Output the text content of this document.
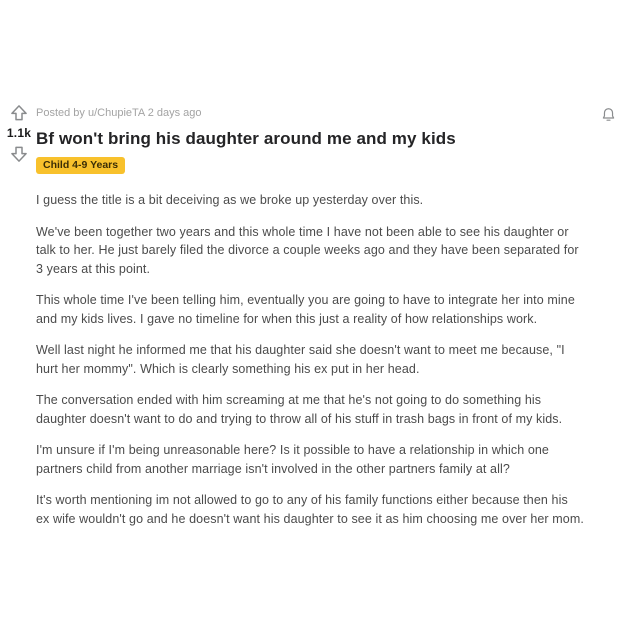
1.1k
Posted by u/ChupieTA 2 days ago
Bf won't bring his daughter around me and my kids
Child 4-9 Years

I guess the title is a bit deceiving as we broke up yesterday over this.

We've been together two years and this whole time I have not been able to see his daughter or talk to her. He just barely filed the divorce a couple weeks ago and they have been separated for 3 years at this point.

This whole time I've been telling him, eventually you are going to have to integrate her into mine and my kids lives. I gave no timeline for when this just a reality of how relationships work.

Well last night he informed me that his daughter said she doesn't want to meet me because, "I hurt her mommy". Which is clearly something his ex put in her head.

The conversation ended with him screaming at me that he's not going to do something his daughter doesn't want to do and trying to throw all of his stuff in trash bags in front of my kids.

I'm unsure if I'm being unreasonable here? Is it possible to have a relationship in which one partners child from another marriage isn't involved in the other partners family at all?

It's worth mentioning im not allowed to go to any of his family functions either because then his ex wife wouldn't go and he doesn't want his daughter to see it as him choosing me over her mom.
